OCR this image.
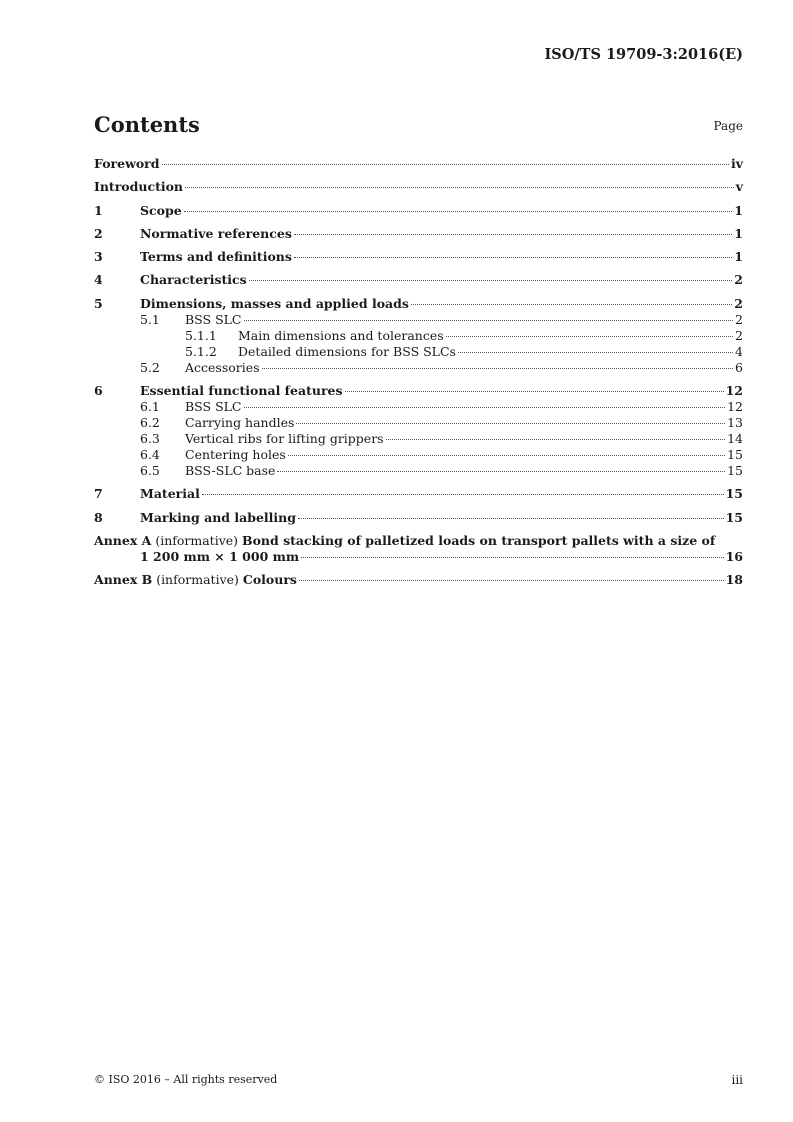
ISO/TS 19709-3:2016(E)
Contents	Page
Foreword	iv
Introduction	v
1	Scope	1
2	Normative references	1
3	Terms and definitions	1
4	Characteristics	2
5	Dimensions, masses and applied loads	2
5.1	BSS SLC	2
5.1.1	Main dimensions and tolerances	2
5.1.2	Detailed dimensions for BSS SLCs	4
5.2	Accessories	6
6	Essential functional features	12
6.1	BSS SLC	12
6.2	Carrying handles	13
6.3	Vertical ribs for lifting grippers	14
6.4	Centering holes	15
6.5	BSS-SLC base	15
7	Material	15
8	Marking and labelling	15
Annex A (informative) Bond stacking of palletized loads on transport pallets with a size of
1 200 mm × 1 000 mm	16
Annex B (informative) Colours	18
© ISO 2016 – All rights reserved	iii
